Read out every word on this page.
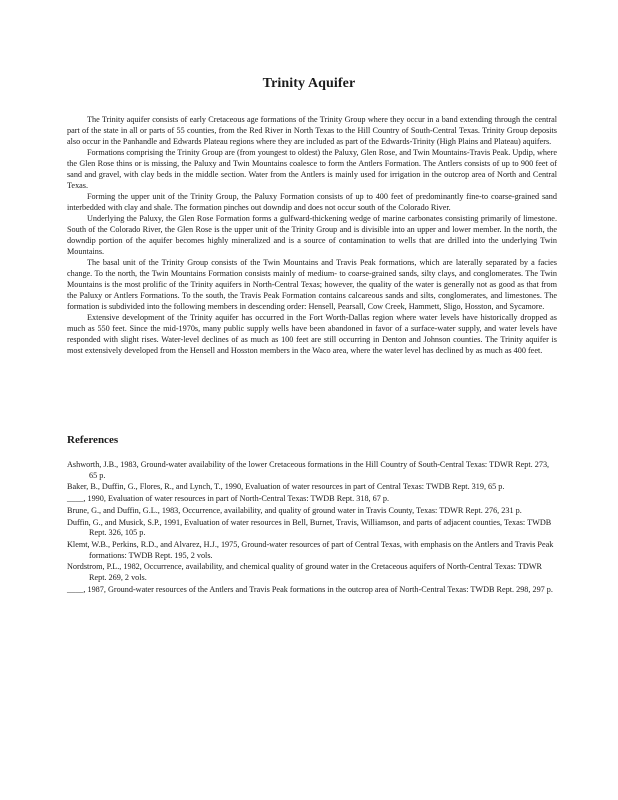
Trinity Aquifer

The Trinity aquifer consists of early Cretaceous age formations of the Trinity Group where they occur in a band extending through the central part of the state in all or parts of 55 counties, from the Red River in North Texas to the Hill Country of South-Central Texas. Trinity Group deposits also occur in the Panhandle and Edwards Plateau regions where they are included as part of the Edwards-Trinity (High Plains and Plateau) aquifers.

Formations comprising the Trinity Group are (from youngest to oldest) the Paluxy, Glen Rose, and Twin Mountains-Travis Peak. Updip, where the Glen Rose thins or is missing, the Paluxy and Twin Mountains coalesce to form the Antlers Formation. The Antlers consists of up to 900 feet of sand and gravel, with clay beds in the middle section. Water from the Antlers is mainly used for irrigation in the outcrop area of North and Central Texas.

Forming the upper unit of the Trinity Group, the Paluxy Formation consists of up to 400 feet of predominantly fine-to coarse-grained sand interbedded with clay and shale. The formation pinches out downdip and does not occur south of the Colorado River.

Underlying the Paluxy, the Glen Rose Formation forms a gulfward-thickening wedge of marine carbonates consisting primarily of limestone. South of the Colorado River, the Glen Rose is the upper unit of the Trinity Group and is divisible into an upper and lower member. In the north, the downdip portion of the aquifer becomes highly mineralized and is a source of contamination to wells that are drilled into the underlying Twin Mountains.

The basal unit of the Trinity Group consists of the Twin Mountains and Travis Peak formations, which are laterally separated by a facies change. To the north, the Twin Mountains Formation consists mainly of medium- to coarse-grained sands, silty clays, and conglomerates. The Twin Mountains is the most prolific of the Trinity aquifers in North-Central Texas; however, the quality of the water is generally not as good as that from the Paluxy or Antlers Formations. To the south, the Travis Peak Formation contains calcareous sands and silts, conglomerates, and limestones. The formation is subdivided into the following members in descending order: Hensell, Pearsall, Cow Creek, Hammett, Sligo, Hosston, and Sycamore.

Extensive development of the Trinity aquifer has occurred in the Fort Worth-Dallas region where water levels have historically dropped as much as 550 feet. Since the mid-1970s, many public supply wells have been abandoned in favor of a surface-water supply, and water levels have responded with slight rises. Water-level declines of as much as 100 feet are still occurring in Denton and Johnson counties. The Trinity aquifer is most extensively developed from the Hensell and Hosston members in the Waco area, where the water level has declined by as much as 400 feet.

References

Ashworth, J.B., 1983, Ground-water availability of the lower Cretaceous formations in the Hill Country of South-Central Texas: TDWR Rept. 273, 65 p.

Baker, B., Duffin, G., Flores, R., and Lynch, T., 1990, Evaluation of water resources in part of Central Texas: TWDB Rept. 319, 65 p.

____, 1990, Evaluation of water resources in part of North-Central Texas: TWDB Rept. 318, 67 p.

Brune, G., and Duffin, G.L., 1983, Occurrence, availability, and quality of ground water in Travis County, Texas: TDWR Rept. 276, 231 p.

Duffin, G., and Musick, S.P., 1991, Evaluation of water resources in Bell, Burnet, Travis, Williamson, and parts of adjacent counties, Texas: TWDB Rept. 326, 105 p.

Klemt, W.B., Perkins, R.D., and Alvarez, H.J., 1975, Ground-water resources of part of Central Texas, with emphasis on the Antlers and Travis Peak formations: TWDB Rept. 195, 2 vols.

Nordstrom, P.L., 1982, Occurrence, availability, and chemical quality of ground water in the Cretaceous aquifers of North-Central Texas: TDWR Rept. 269, 2 vols.

____, 1987, Ground-water resources of the Antlers and Travis Peak formations in the outcrop area of North-Central Texas: TWDB Rept. 298, 297 p.
